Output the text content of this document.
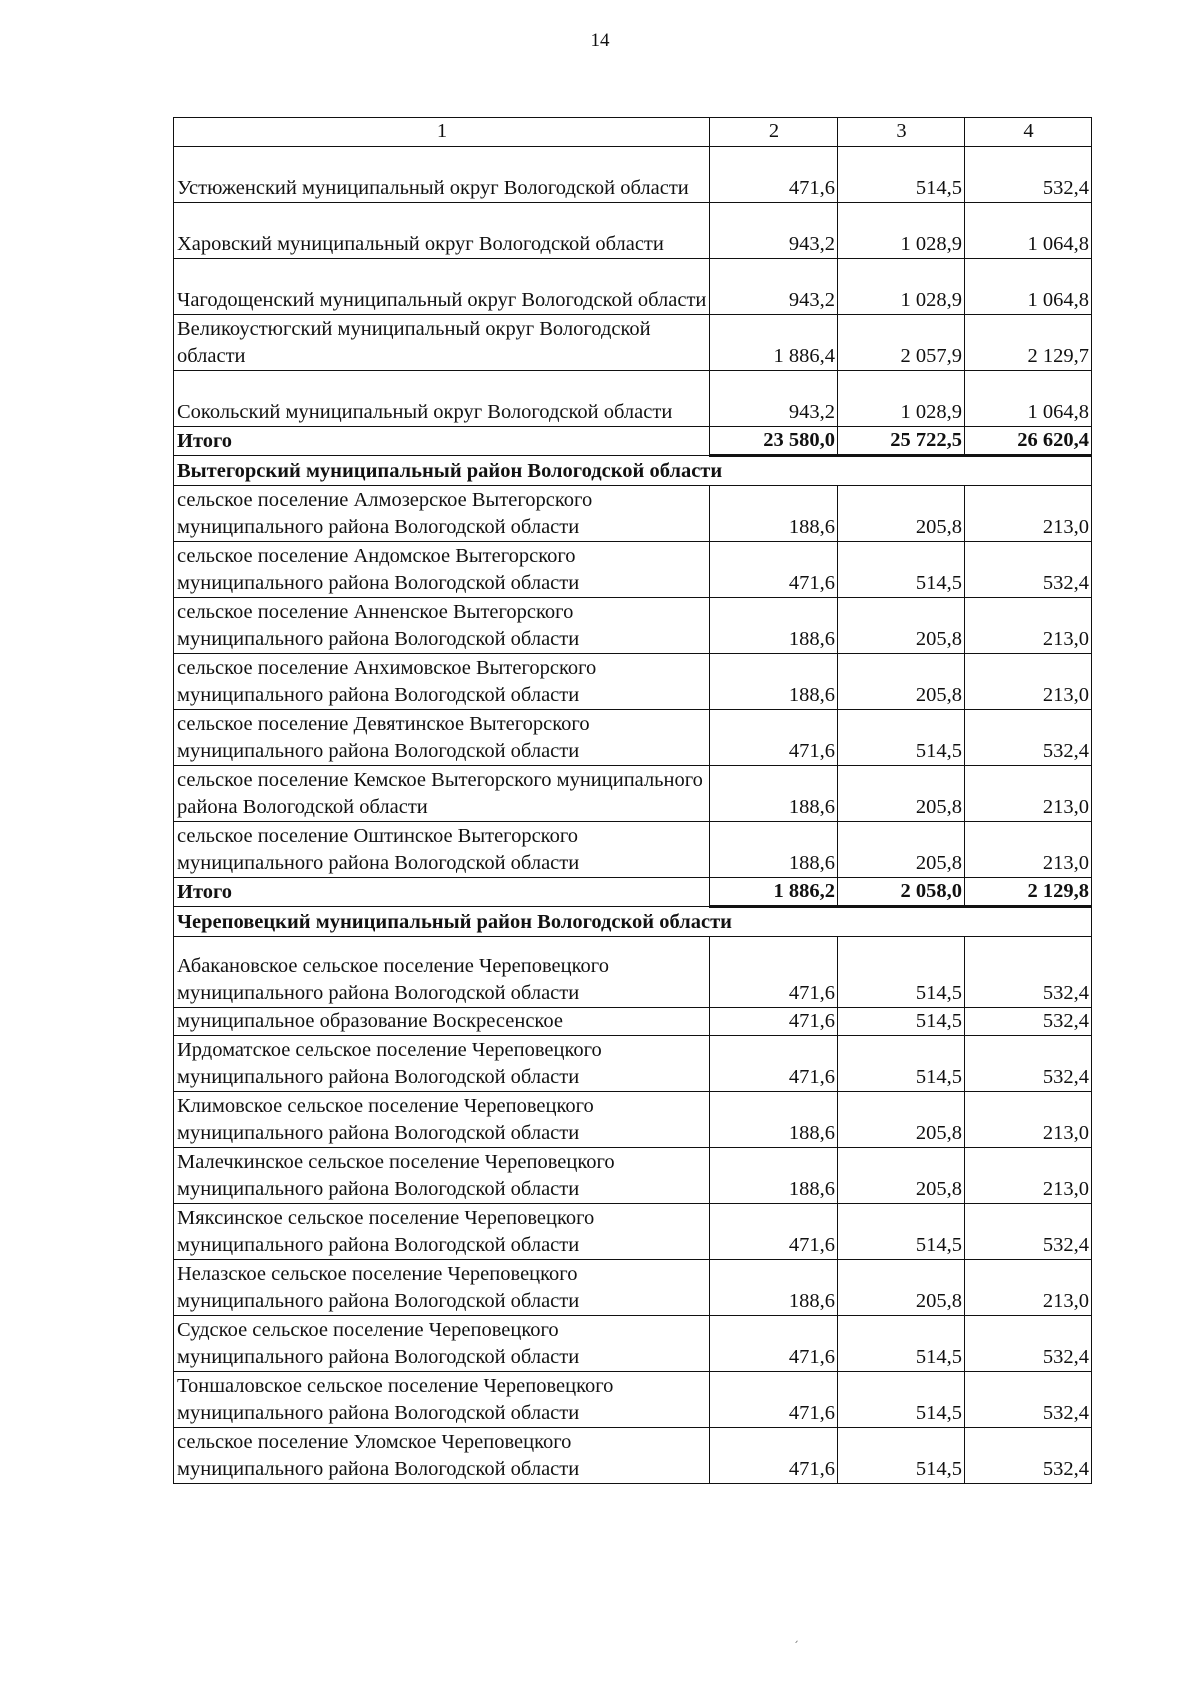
14
1	2	3	4
Устюженский муниципальный округ Вологодской области	471,6	514,5	532,4
Харовский муниципальный округ Вологодской области	943,2	1 028,9	1 064,8
Чагодощенский муниципальный округ Вологодской области	943,2	1 028,9	1 064,8
Великоустюгский муниципальный округ Вологодской области	1 886,4	2 057,9	2 129,7
Сокольский муниципальный округ Вологодской области	943,2	1 028,9	1 064,8
Итого	23 580,0	25 722,5	26 620,4
Вытегорский муниципальный район Вологодской области			
сельское поселение Алмозерское Вытегорского муниципального района Вологодской области	188,6	205,8	213,0
сельское поселение Андомское Вытегорского муниципального района Вологодской области	471,6	514,5	532,4
сельское поселение Анненское Вытегорского муниципального района Вологодской области	188,6	205,8	213,0
сельское поселение Анхимовское Вытегорского муниципального района Вологодской области	188,6	205,8	213,0
сельское поселение Девятинское Вытегорского муниципального района Вологодской области	471,6	514,5	532,4
сельское поселение Кемское Вытегорского муниципального района Вологодской области	188,6	205,8	213,0
сельское поселение Оштинское Вытегорского муниципального района Вологодской области	188,6	205,8	213,0
Итого	1 886,2	2 058,0	2 129,8
Череповецкий муниципальный район Вологодской области			
Абакановское сельское поселение Череповецкого муниципального района Вологодской области	471,6	514,5	532,4
муниципальное образование Воскресенское	471,6	514,5	532,4
Ирдоматское сельское поселение Череповецкого муниципального района Вологодской области	471,6	514,5	532,4
Климовское сельское поселение Череповецкого муниципального района Вологодской области	188,6	205,8	213,0
Малечкинское сельское поселение Череповецкого муниципального района Вологодской области	188,6	205,8	213,0
Мяксинское сельское поселение Череповецкого муниципального района Вологодской области	471,6	514,5	532,4
Нелазское сельское поселение Череповецкого муниципального района Вологодской области	188,6	205,8	213,0
Судское сельское поселение Череповецкого муниципального района Вологодской области	471,6	514,5	532,4
Тоншаловское сельское поселение Череповецкого муниципального района Вологодской области	471,6	514,5	532,4
сельское поселение Уломское Череповецкого муниципального района Вологодской области	471,6	514,5	532,4
ˏ
